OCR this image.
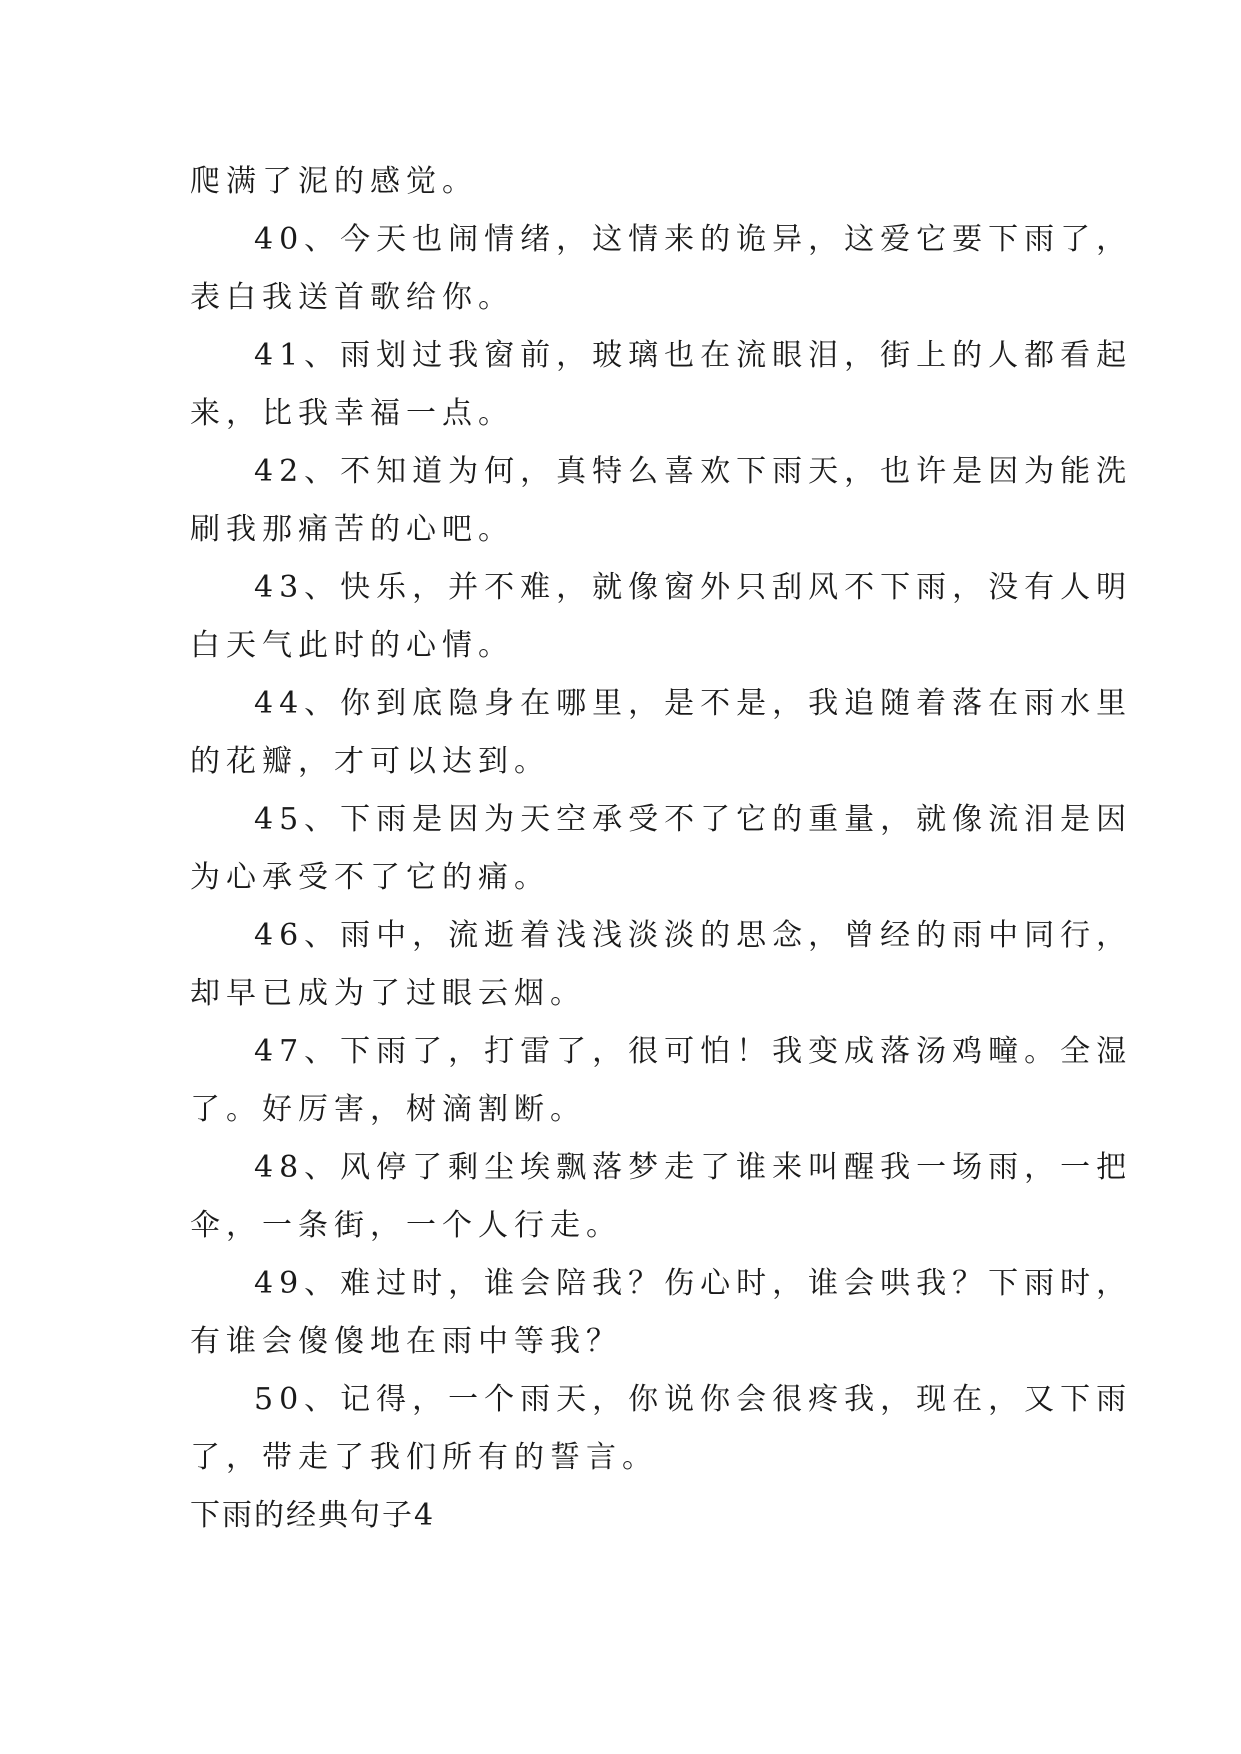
爬满了泥的感觉。
40、今天也闹情绪，这情来的诡异，这爱它要下雨了，
表白我送首歌给你。
41、雨划过我窗前，玻璃也在流眼泪，街上的人都看起
来，比我幸福一点。
42、不知道为何，真特么喜欢下雨天，也许是因为能洗
刷我那痛苦的心吧。
43、快乐，并不难，就像窗外只刮风不下雨，没有人明
白天气此时的心情。
44、你到底隐身在哪里，是不是，我追随着落在雨水里
的花瓣，才可以达到。
45、下雨是因为天空承受不了它的重量，就像流泪是因
为心承受不了它的痛。
46、雨中，流逝着浅浅淡淡的思念，曾经的雨中同行，
却早已成为了过眼云烟。
47、下雨了，打雷了，很可怕！我变成落汤鸡疃。全湿
了。好厉害，树滴割断。
48、风停了剩尘埃飘落梦走了谁来叫醒我一场雨，一把
伞，一条街，一个人行走。
49、难过时，谁会陪我？伤心时，谁会哄我？下雨时，
有谁会傻傻地在雨中等我？
50、记得，一个雨天，你说你会很疼我，现在，又下雨
了，带走了我们所有的誓言。
下雨的经典句子4
